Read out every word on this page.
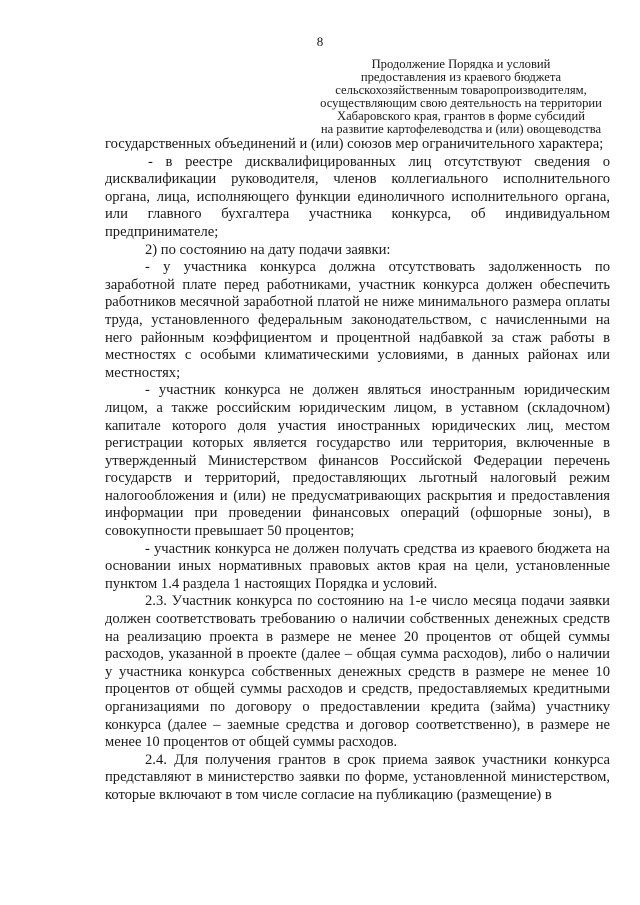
8
Продолжение Порядка и условий
предоставления из краевого бюджета
сельскохозяйственным товаропроизводителям,
осуществляющим свою деятельность на территории
Хабаровского края, грантов в форме субсидий
на развитие картофелеводства и (или) овощеводства

государственных объединений и (или) союзов мер ограничительного характера;

- в реестре дисквалифицированных лиц отсутствуют сведения о дисквалификации руководителя, членов коллегиального исполнительного органа, лица, исполняющего функции единоличного исполнительного органа, или главного бухгалтера участника конкурса, об индивидуальном предпринимателе;

2) по состоянию на дату подачи заявки:

- у участника конкурса должна отсутствовать задолженность по заработной плате перед работниками, участник конкурса должен обеспечить работников месячной заработной платой не ниже минимального размера оплаты труда, установленного федеральным законодательством, с начисленными на него районным коэффициентом и процентной надбавкой за стаж работы в местностях с особыми климатическими условиями, в данных районах или местностях;

- участник конкурса не должен являться иностранным юридическим лицом, а также российским юридическим лицом, в уставном (складочном) капитале которого доля участия иностранных юридических лиц, местом регистрации которых является государство или территория, включенные в утвержденный Министерством финансов Российской Федерации перечень государств и территорий, предоставляющих льготный налоговый режим налогообложения и (или) не предусматривающих раскрытия и предоставления информации при проведении финансовых операций (офшорные зоны), в совокупности превышает 50 процентов;

- участник конкурса не должен получать средства из краевого бюджета на основании иных нормативных правовых актов края на цели, установленные пунктом 1.4 раздела 1 настоящих Порядка и условий.

2.3. Участник конкурса по состоянию на 1-е число месяца подачи заявки должен соответствовать требованию о наличии собственных денежных средств на реализацию проекта в размере не менее 20 процентов от общей суммы расходов, указанной в проекте (далее – общая сумма расходов), либо о наличии у участника конкурса собственных денежных средств в размере не менее 10 процентов от общей суммы расходов и средств, предоставляемых кредитными организациями по договору о предоставлении кредита (займа) участнику конкурса (далее – заемные средства и договор соответственно), в размере не менее 10 процентов от общей суммы расходов.

2.4. Для получения грантов в срок приема заявок участники конкурса представляют в министерство заявки по форме, установленной министерством, которые включают в том числе согласие на публикацию (размещение) в
